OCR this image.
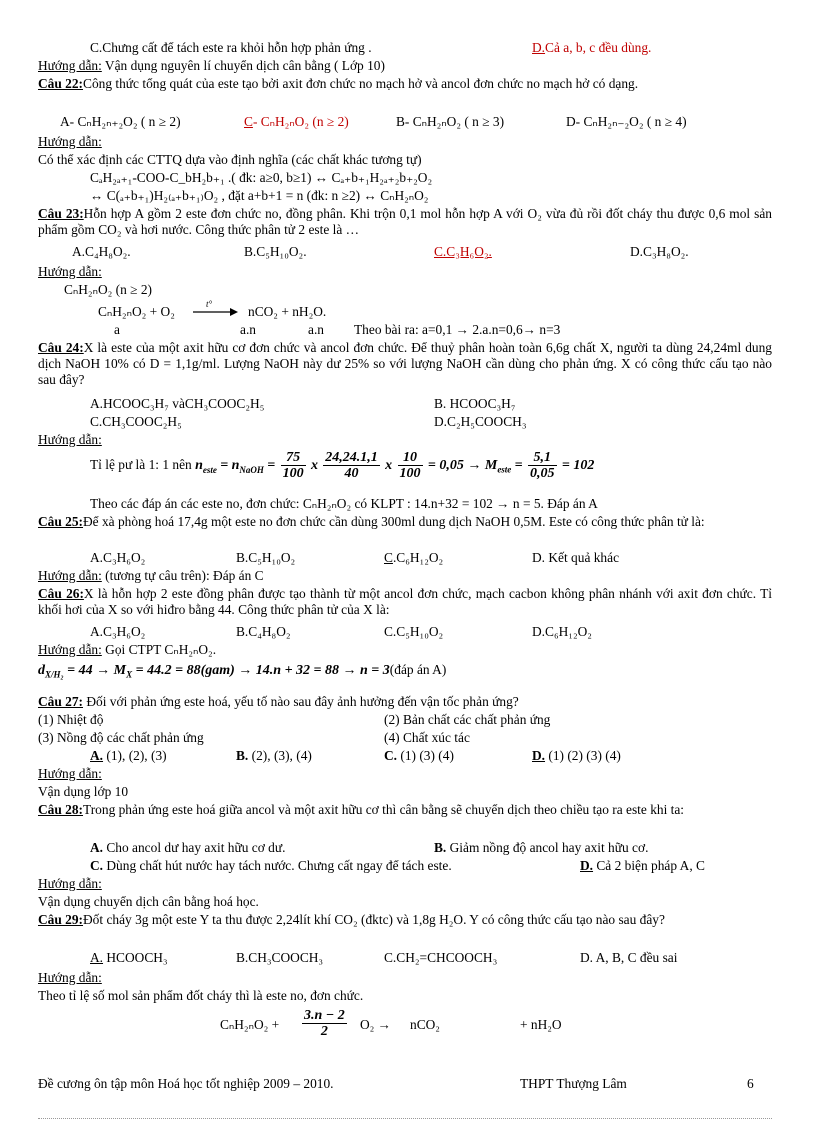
C.Chưng cất để tách este ra khỏi hỗn hợp phản ứng .	D.Cả a, b, c đều dùng.
Hướng dẫn: Vận dụng nguyên lí chuyển dịch cân bằng ( Lớp 10)
Câu 22:Công thức tổng quát của este tạo bởi axit đơn chức no mạch hở và ancol đơn chức no mạch hở có dạng.
A- CₙH₂ₙ₊₂O₂ ( n ≥ 2)	C- CₙH₂ₙO₂ (n ≥ 2)	B- CₙH₂ₙO₂ ( n ≥ 3)	D- CₙH₂ₙ₋₂O₂ ( n ≥ 4)
Hướng dẫn:
Có thể xác định các CTTQ dựa vào định nghĩa (các chất khác tương tự)
CₐH₂ₐ₊₁-COO-C_bH₂b₊₁ .( đk: a≥0, b≥1) ↔ Cₐ₊b₊₁H₂ₐ₊₂b₊₂O₂
↔ C(ₐ₊b₊₁)H₂₍ₐ₊b₊₁₎O₂ , đặt a+b+1 = n (đk: n ≥2) ↔ CₙH₂ₙO₂
Câu 23:Hỗn hợp A gồm 2 este đơn chức no, đồng phân. Khi trộn 0,1 mol hỗn hợp A với O₂ vừa đủ rồi đốt cháy thu được 0,6 mol sản phẩm gồm CO₂ và hơi nước. Công thức phân tử 2 este là …
A.C₄H₈O₂.	B.C₅H₁₀O₂.	C.C₃H₆O₂.	D.C₃H₈O₂.
Hướng dẫn:
CₙH₂ₙO₂ (n ≥ 2)
CₙH₂ₙO₂ + O₂	t°	nCO₂ + nH₂O.
a	a.n	a.n Theo bài ra: a=0,1 → 2.a.n=0,6→ n=3
Câu 24:X là este của một axit hữu cơ đơn chức và ancol đơn chức. Để thuỷ phân hoàn toàn 6,6g chất X, người ta dùng 24,24ml dung dịch NaOH 10% có D = 1,1g/ml. Lượng NaOH này dư 25% so với lượng NaOH cần dùng cho phản ứng. X có công thức cấu tạo nào sau đây?
A.HCOOC₃H₇ vàCH₃COOC₂H₅	B. HCOOC₃H₇
C.CH₃COOC₂H₅	D.C₂H₅COOCH₃
Hướng dẫn:
Tỉ lệ pư là 1: 1 nên $n_{este} = n_{NaOH} = \frac{75}{100}$ x $\frac{24,24.1,1}{40}$ x $\frac{10}{100} = 0,05 \to M_{este} = \frac{5,1}{0,05} = 102$
Theo các đáp án các este no, đơn chức: CₙH₂ₙO₂ có KLPT : 14.n+32 = 102 → n = 5. Đáp án A
Câu 25:Để xà phòng hoá 17,4g một este no đơn chức cần dùng 300ml dung dịch NaOH 0,5M. Este có công thức phân tử là:
A.C₃H₆O₂	B.C₅H₁₀O₂	C.C₆H₁₂O₂	D. Kết quả khác
Hướng dẫn: (tương tự câu trên): Đáp án C
Câu 26:X là hỗn hợp 2 este đồng phân được tạo thành từ một ancol đơn chức, mạch cacbon không phân nhánh với axit đơn chức. Tỉ khối hơi của X so với hiđro bằng 44. Công thức phân tử của X là:
A.C₃H₆O₂	B.C₄H₈O₂	C.C₅H₁₀O₂	D.C₆H₁₂O₂
Hướng dẫn: Gọi CTPT CₙH₂ₙO₂.
$d_{X/H_2} = 44 \to M_X = 44.2 = 88(gam) \to 14.n + 32 = 88 \to n$ = 3(đáp án A)
Câu 27: Đối với phản ứng este hoá, yếu tố nào sau đây ảnh hưởng đến vận tốc phản ứng?
(1) Nhiệt độ	(2) Bản chất các chất phản ứng
(3) Nồng độ các chất phản ứng	(4) Chất xúc tác
A. (1), (2), (3)	B. (2), (3), (4)	C. (1) (3) (4)	D. (1) (2) (3) (4)
Hướng dẫn:
Vận dụng lớp 10
Câu 28:Trong phản ứng este hoá giữa ancol và một axit hữu cơ thì cân bằng sẽ chuyển dịch theo chiều tạo ra este khi ta:
A. Cho ancol dư hay axit hữu cơ dư.	B. Giảm nồng độ ancol hay axit hữu cơ.
C. Dùng chất hút nước hay tách nước. Chưng cất ngay để tách este.	D. Cả 2 biện pháp A, C
Hướng dẫn:
Vận dụng chuyển dịch cân bằng hoá học.
Câu 29:Đốt cháy 3g một este Y ta thu được 2,24lít khí CO₂ (đktc) và 1,8g H₂O. Y có công thức cấu tạo nào sau đây?
A. HCOOCH₃	B.CH₃COOCH₃	C.CH₂=CHCOOCH₃	D. A, B, C đều sai
Hướng dẫn:
Theo tỉ lệ số mol sản phẩm đốt cháy thì là este no, đơn chức.
$C_nH_{2n}O_2 + \frac{3.n - 2}{2} O_2 \to nCO_2$	+ nH₂O
Đề cương ôn tập môn Hoá học tốt nghiệp 2009 – 2010.	THPT Thượng Lâm	6
